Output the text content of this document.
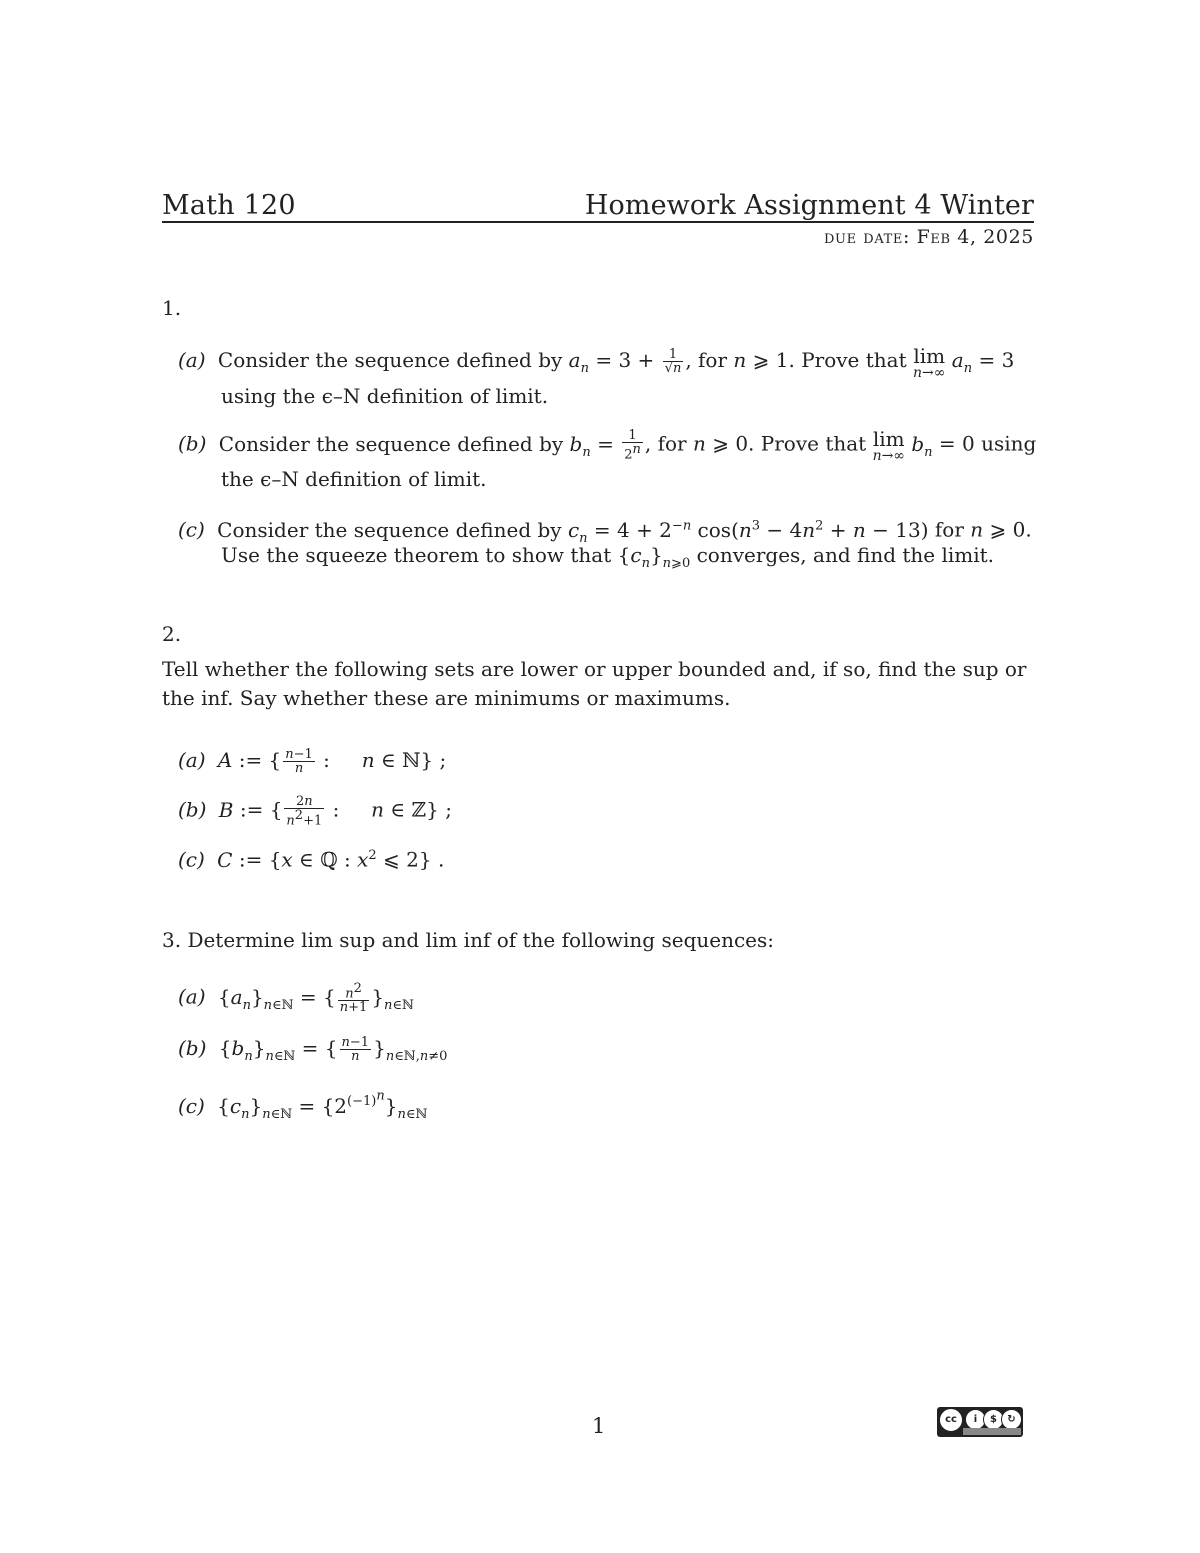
Math 120	Homework Assignment 4 Winter
due date: Feb 4, 2025
1.
(a) Consider the sequence defined by $a_n = 3 + \frac{1}{√n}$ , for n ⩾ 1. Prove that lim
n→∞
$a_n = 3$
using the ϵ–N definition of limit.
(b) Consider the sequence defined by $b_n = \frac{1}{2^n}$ , for n ⩾ 0. Prove that lim
n→∞
$b_n = 0$ using
the ϵ–N definition of limit.
(c) Consider the sequence defined by $c_n = 4 + 2^{-n}$ $\cos(n^3 - 4n^2 + n - 13)$ for n ⩾ 0.
Use the squeeze theorem to show that $\{c_n\}_{n⩾0}$ converges, and find the limit.
2.
Tell whether the following sets are lower or upper bounded and, if so, find the sup or
the inf. Say whether these are minimums or maximums.
(a) A := { $\frac{n-1}{n}$ :     n ∈ ℕ} ;
(b) B := { $\frac{2n}{n^2+1}$ :     n ∈ ℤ} ;
(c) C := {x ∈ ℚ : $x^2$ ⩽ 2} .
3. Determine lim sup and lim inf of the following sequences:
(a) $\{a_n\}_{n\in ℕ}$ = { $\frac{n^2}{n+1} \}_{n\in ℕ}$
(b) $\{b_n\}_{n\in ℕ}$ = { $\frac{n-1}{n} \}_{n\in ℕ,n\ne 0}$
(c) $\{c_n\}_{n\in ℕ} = \{2^{(-1)^n}\}_{n\in ℕ}$
1	cc	i	$	↻
